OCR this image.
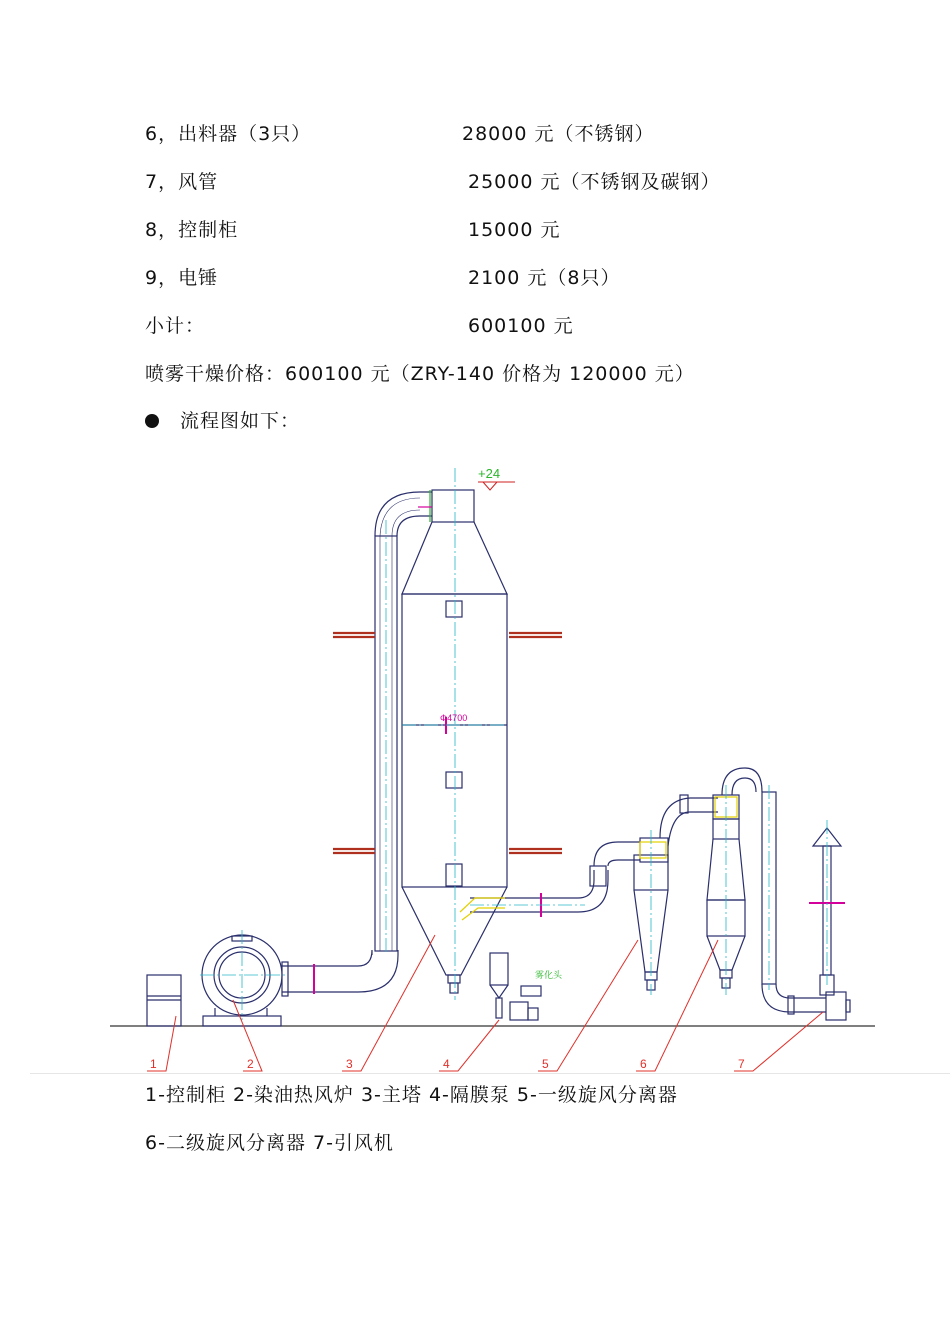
6，出料器（3只）	28000 元（不锈钢）
7，风管	25000 元（不锈钢及碳钢）
8，控制柜	15000 元
9，电锤	2100 元（8只）
小计：	600100 元
喷雾干燥价格：600100 元（ZRY-140 价格为 120000 元）
流程图如下：
+24
Φ4700
雾化头
1	2	3	4	5	6	7
1-控制柜 2-染油热风炉 3-主塔 4-隔膜泵 5-一级旋风分离器
6-二级旋风分离器 7-引风机
